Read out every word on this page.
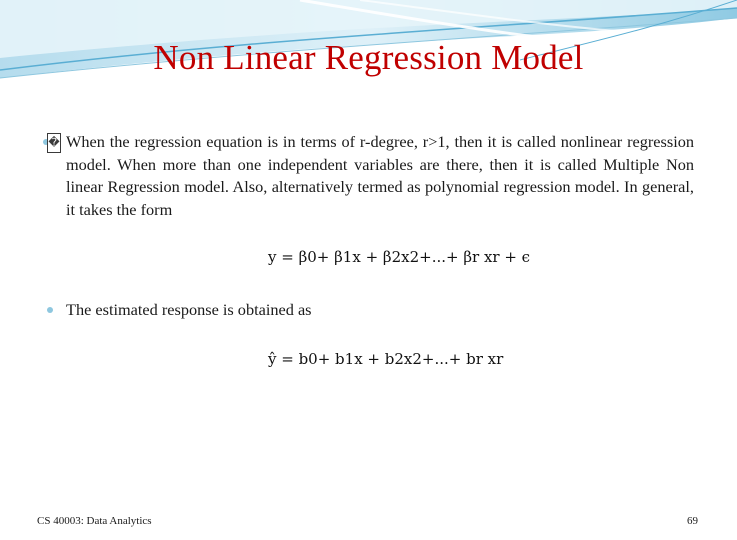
Non Linear Regression Model
� When the regression equation is in terms of r-degree, r>1, then it is called nonlinear regression model. When more than one independent variables are there, then it is called Multiple Non linear Regression model. Also, alternatively termed as polynomial regression model. In general, it takes the form
y = β0+ β1x + β2x2+...+ βr xr + ϵ
The estimated response is obtained as
ŷ = b0+ b1x + b2x2+...+ br xr
CS 40003: Data Analytics	69
